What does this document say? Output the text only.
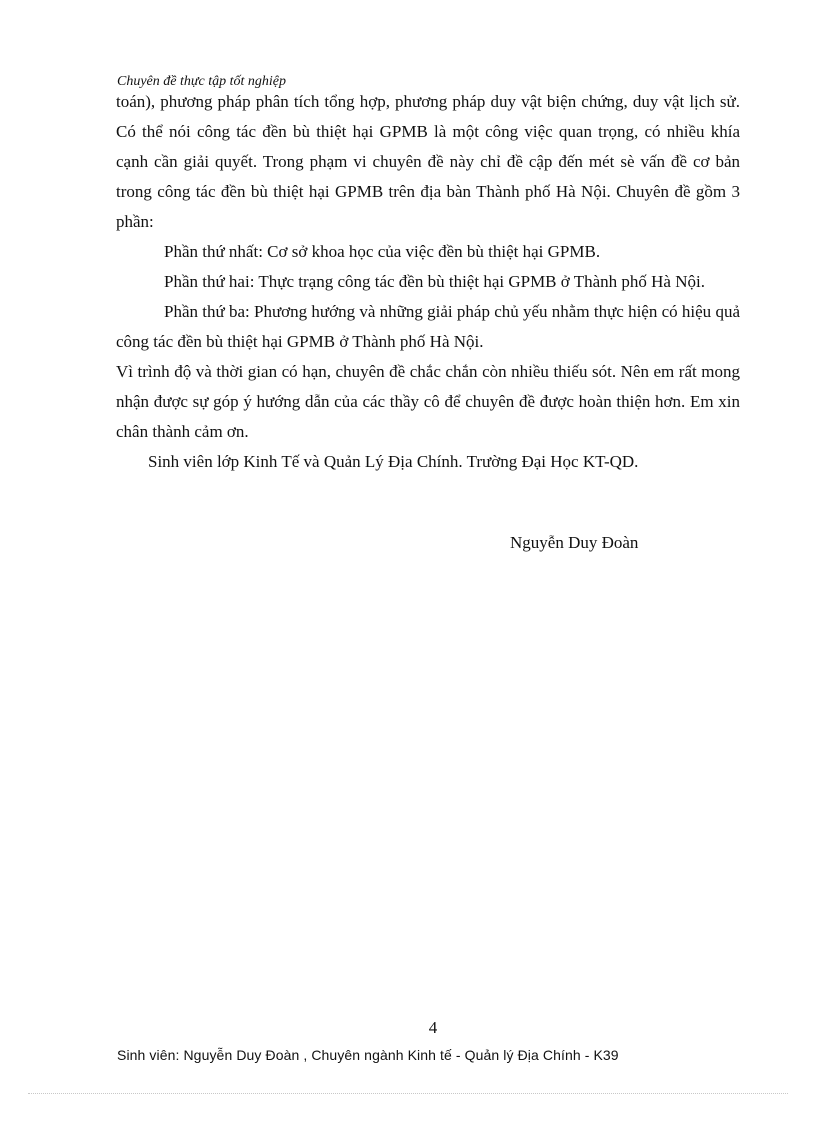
Chuyên đề thực tập tốt nghiệp

toán), phương pháp phân tích tổng hợp, phương pháp duy vật biện chứng, duy vật lịch sử. Có thể nói công tác đền bù thiệt hại GPMB là một công việc quan trọng, có nhiều khía cạnh cần giải quyết. Trong phạm vi chuyên đề này chỉ đề cập đến mét sè vấn đề cơ bản trong công tác đền bù thiệt hại GPMB trên địa bàn Thành phố Hà Nội. Chuyên đề gồm 3 phần:

Phần thứ nhất: Cơ sở khoa học của việc đền bù thiệt hại GPMB.

Phần thứ hai: Thực trạng công tác đền bù thiệt hại GPMB ở Thành phố Hà Nội.

Phần thứ ba: Phương hướng và những giải pháp chủ yếu nhằm thực hiện có hiệu quả công tác đền bù thiệt hại GPMB ở Thành phố Hà Nội.

Vì trình độ và thời gian có hạn, chuyên đề chắc chắn còn nhiều thiếu sót. Nên em rất mong nhận được sự góp ý hướng dẫn của các thầy cô để chuyên đề được hoàn thiện hơn. Em xin chân thành cảm ơn.

Sinh viên lớp Kinh Tế và Quản Lý Địa Chính. Trường Đại Học KT-QD.

Nguyễn Duy Đoàn
4
Sinh viên: Nguyễn Duy Đoàn , Chuyên ngành Kinh tế - Quản lý Địa Chính - K39
